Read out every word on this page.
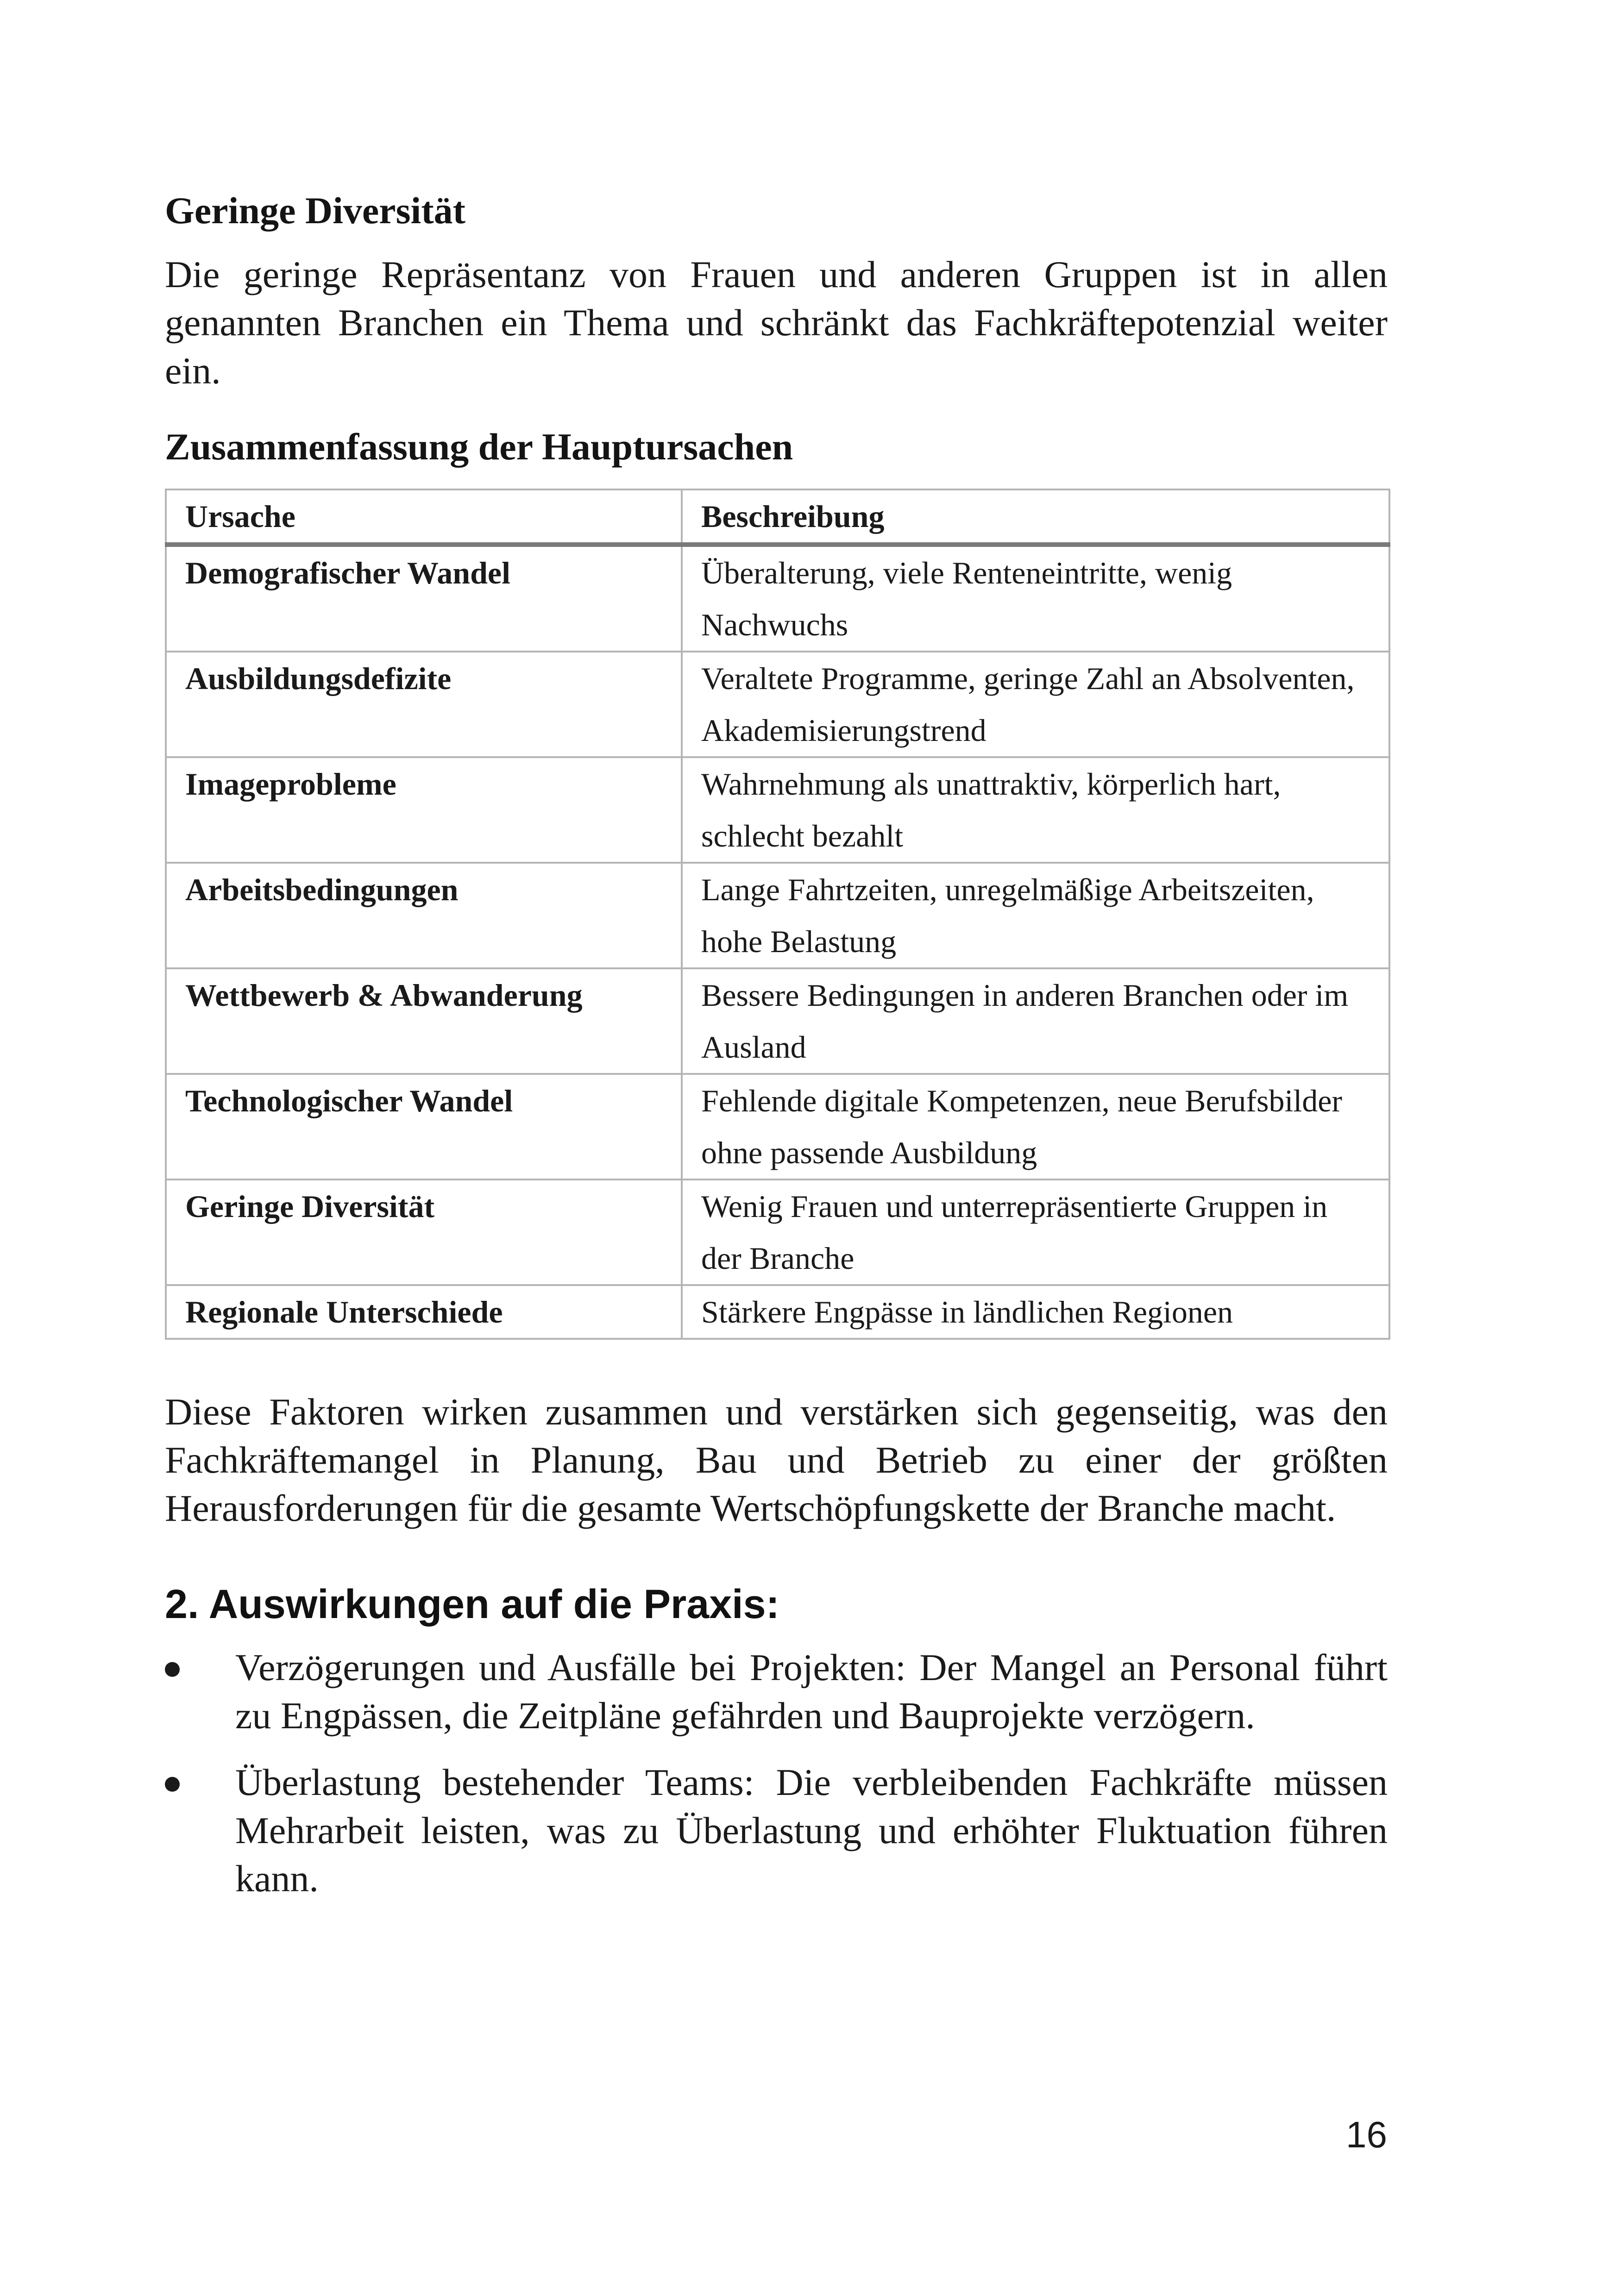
Geringe Diversität

Die geringe Repräsentanz von Frauen und anderen Gruppen ist in allen genannten Branchen ein Thema und schränkt das Fachkräftepotenzial weiter ein.

Zusammenfassung der Hauptursachen
Ursache	Beschreibung
Demografischer Wandel	Überalterung, viele Renteneintritte, wenig Nachwuchs
Ausbildungsdefizite	Veraltete Programme, geringe Zahl an Absolventen, Akademisierungstrend
Imageprobleme	Wahrnehmung als unattraktiv, körperlich hart, schlecht bezahlt
Arbeitsbedingungen	Lange Fahrtzeiten, unregelmäßige Arbeitszeiten, hohe Belastung
Wettbewerb & Abwanderung	Bessere Bedingungen in anderen Branchen oder im Ausland
Technologischer Wandel	Fehlende digitale Kompetenzen, neue Berufsbilder ohne passende Ausbildung
Geringe Diversität	Wenig Frauen und unterrepräsentierte Gruppen in der Branche
Regionale Unterschiede	Stärkere Engpässe in ländlichen Regionen

Diese Faktoren wirken zusammen und verstärken sich gegenseitig, was den Fachkräftemangel in Planung, Bau und Betrieb zu einer der größten Herausforderungen für die gesamte Wertschöpfungskette der Branche macht.

2. Auswirkungen auf die Praxis:
Verzögerungen und Ausfälle bei Projekten: Der Mangel an Personal führt zu Engpässen, die Zeitpläne gefährden und Bauprojekte verzögern.
Überlastung bestehender Teams: Die verbleibenden Fachkräfte müssen Mehrarbeit leisten, was zu Überlastung und erhöhter Fluktuation führen kann.
16
